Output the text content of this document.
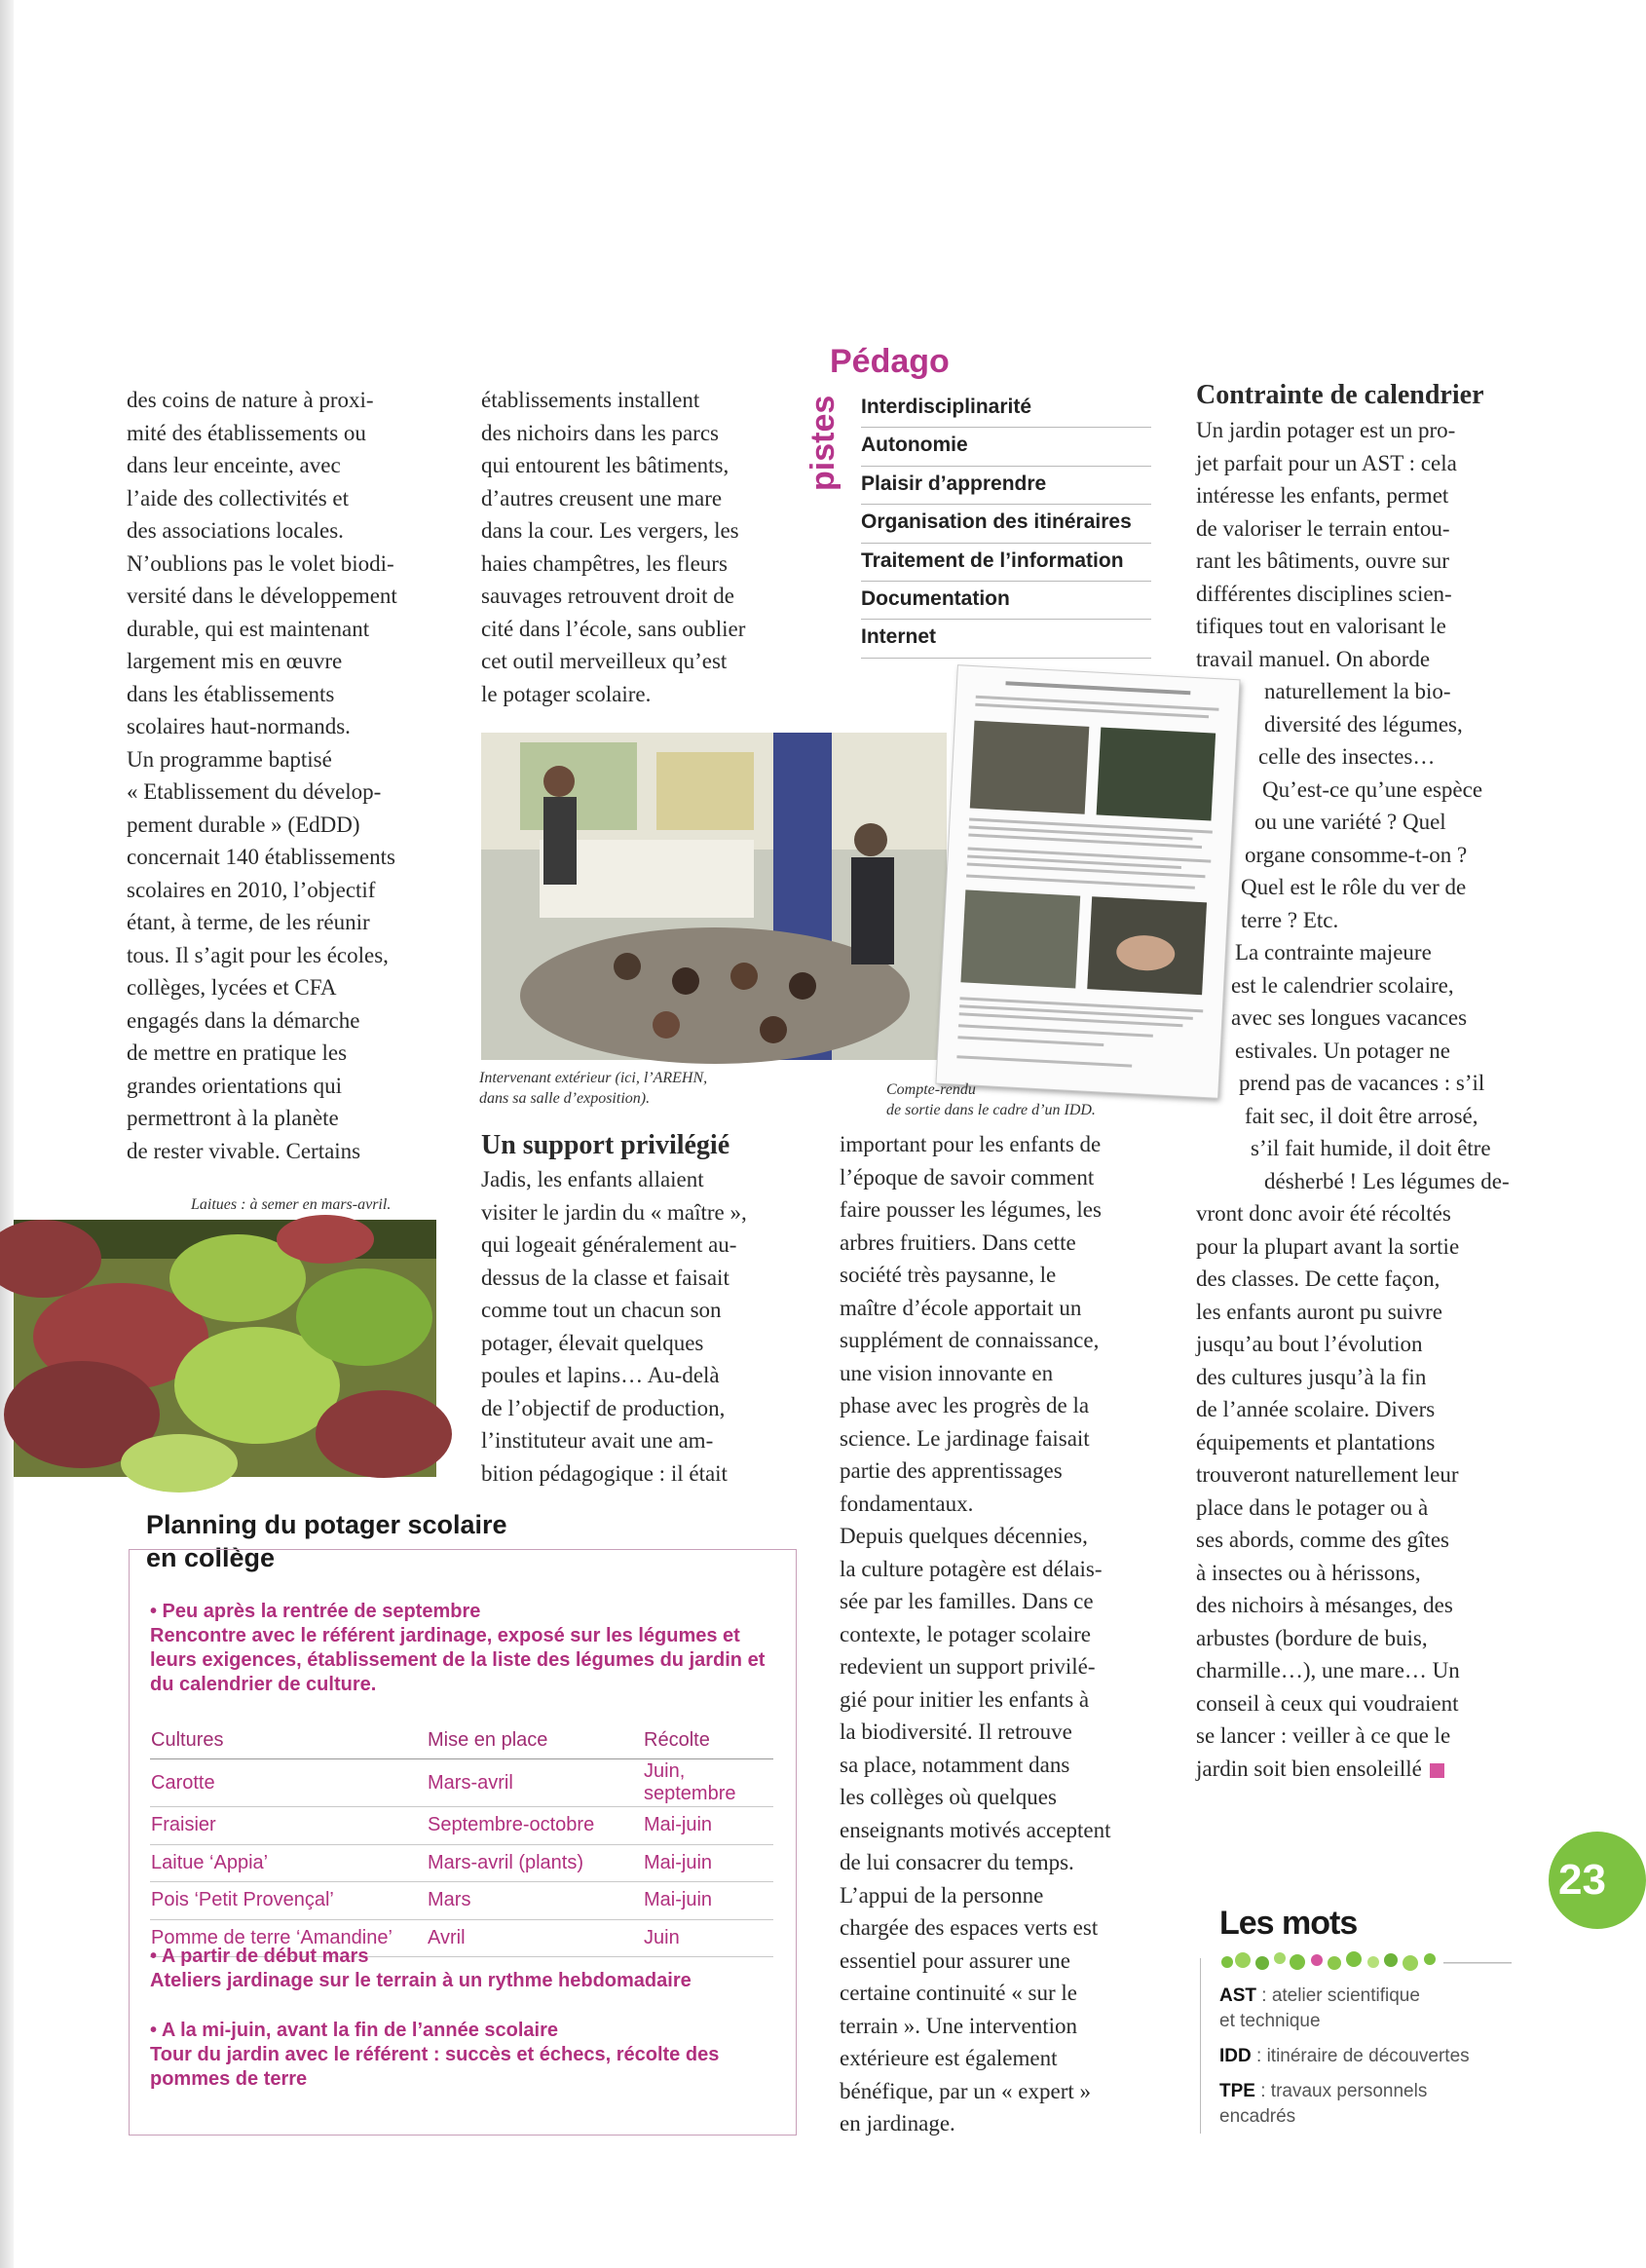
des coins de nature à proxi-

mité des établissements ou

dans leur enceinte, avec

l’aide des collectivités et

des associations locales.

N’oublions pas le volet biodi-

versité dans le développement

durable, qui est maintenant

largement mis en œuvre

dans les établissements

scolaires haut-normands.

Un programme baptisé

« Etablissement du dévelop-

pement durable » (EdDD)

concernait 140 établissements

scolaires en 2010, l’objectif

étant, à terme, de les réunir

tous. Il s’agit pour les écoles,

collèges, lycées et CFA

engagés dans la démarche

de mettre en pratique les

grandes orientations qui

permettront à la planète

de rester vivable. Certains

Laitues : à semer en mars-avril.

établissements installent

des nichoirs dans les parcs

qui entourent les bâtiments,

d’autres creusent une mare

dans la cour. Les vergers, les

haies champêtres, les fleurs

sauvages retrouvent droit de

cité dans l’école, sans oublier

cet outil merveilleux qu’est

le potager scolaire.

Intervenant extérieur (ici, l’AREHN,
dans sa salle d’exposition).
Pédago
pistes Interdisciplinarité
Autonomie
Plaisir d’apprendre
Organisation des itinéraires
Traitement de l’information
Documentation
Internet
Compte-rendu
de sortie dans le cadre d’un IDD.
Un support privilégié

Jadis, les enfants allaient

visiter le jardin du « maître »,

qui logeait généralement au-

dessus de la classe et faisait

comme tout un chacun son

potager, élevait quelques

poules et lapins… Au-delà

de l’objectif de production,

l’instituteur avait une am-

bition pédagogique : il était

important pour les enfants de

l’époque de savoir comment

faire pousser les légumes, les

arbres fruitiers. Dans cette

société très paysanne, le

maître d’école apportait un

supplément de connaissance,

une vision innovante en

phase avec les progrès de la

science. Le jardinage faisait

partie des apprentissages

fondamentaux.

Depuis quelques décennies,

la culture potagère est délais-

sée par les familles. Dans ce

contexte, le potager scolaire

redevient un support privilé-

gié pour initier les enfants à

la biodiversité. Il retrouve

sa place, notamment dans

les collèges où quelques

enseignants motivés acceptent

de lui consacrer du temps.

L’appui de la personne

chargée des espaces verts est

essentiel pour assurer une

certaine continuité « sur le

terrain ». Une intervention

extérieure est également

bénéfique, par un « expert »

en jardinage.

Contrainte de calendrier

Un jardin potager est un pro-

jet parfait pour un AST : cela

intéresse les enfants, permet

de valoriser le terrain entou-

rant les bâtiments, ouvre sur

différentes disciplines scien-

tifiques tout en valorisant le

travail manuel. On aborde

naturellement la bio-

diversité des légumes,

celle des insectes…

Qu’est-ce qu’une espèce

ou une variété ? Quel

organe consomme-t-on ?

Quel est le rôle du ver de

terre ? Etc.

La contrainte majeure

est le calendrier scolaire,

avec ses longues vacances

estivales. Un potager ne

prend pas de vacances : s’il

fait sec, il doit être arrosé,

s’il fait humide, il doit être

désherbé ! Les légumes de-

vront donc avoir été récoltés

pour la plupart avant la sortie

des classes. De cette façon,

les enfants auront pu suivre

jusqu’au bout l’évolution

des cultures jusqu’à la fin

de l’année scolaire. Divers

équipements et plantations

trouveront naturellement leur

place dans le potager ou à

ses abords, comme des gîtes

à insectes ou à hérissons,

des nichoirs à mésanges, des

arbustes (bordure de buis,

charmille…), une mare… Un

conseil à ceux qui voudraient

se lancer : veiller à ce que le

jardin soit bien ensoleillé

Planning du potager scolaire
en collège
• Peu après la rentrée de septembre
Rencontre avec le référent jardinage, exposé sur les légumes et
leurs exigences, établissement de la liste des légumes du jardin et
du calendrier de culture.
Cultures	Mise en place	Récolte
Carotte	Mars-avril	Juin, septembre
Fraisier	Septembre-octobre	Mai-juin
Laitue ‘Appia’	Mars-avril (plants)	Mai-juin
Pois ‘Petit Provençal’	Mars	Mai-juin
Pomme de terre ‘Amandine’	Avril	Juin
• A partir de début mars
Ateliers jardinage sur le terrain à un rythme hebdomadaire
• A la mi-juin, avant la fin de l’année scolaire
Tour du jardin avec le référent : succès et échecs, récolte des
pommes de terre
Les mots
AST : atelier scientifique
et technique
IDD : itinéraire de découvertes
TPE : travaux personnels
encadrés
23
